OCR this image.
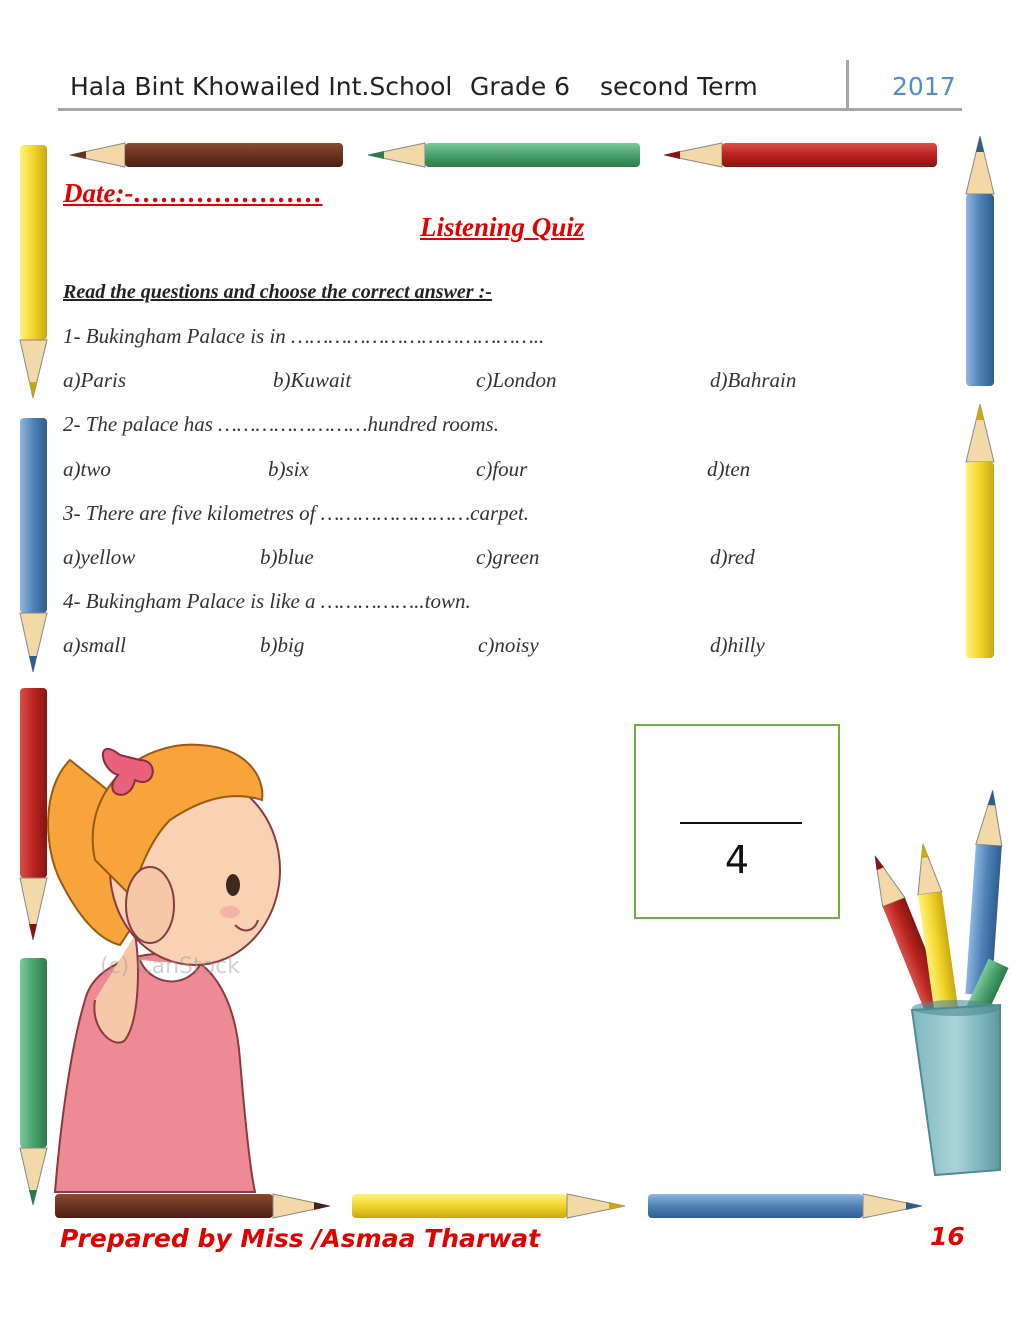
(c) CanStock
Hala Bint Khowailed Int.School Grade 6 second Term	2017
Date:-…………………
Listening Quiz
Read the questions and choose the correct answer :-
1- Bukingham Palace is in …………………………………..
a)Paris	b)Kuwait	c)London	d)Bahrain
2- The palace has ……………………hundred rooms.
a)two	b)six	c)four	d)ten
3- There are five kilometres of ……………………carpet.
a)yellow	b)blue	c)green	d)red
4- Bukingham Palace is like a ……………..town.
a)small	b)big	c)noisy	d)hilly
4
Prepared by Miss /Asmaa Tharwat	16
